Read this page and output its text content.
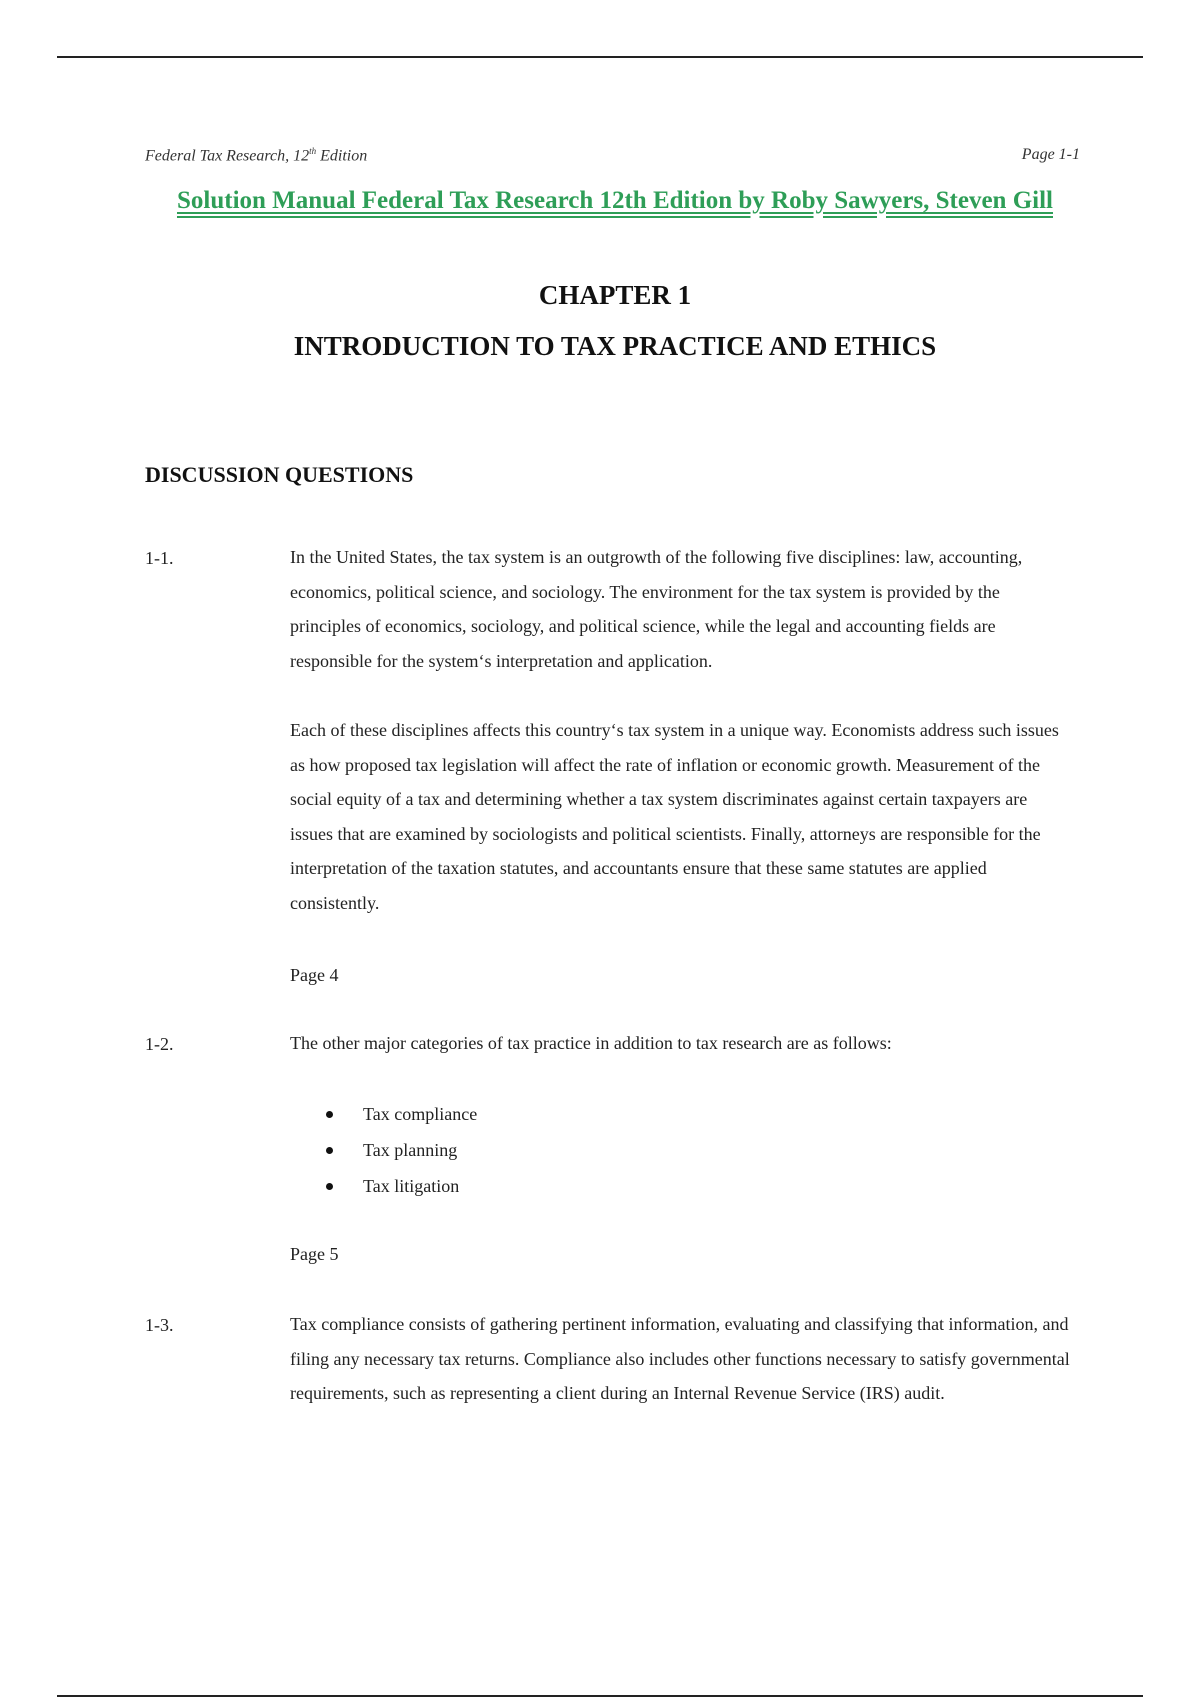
Federal Tax Research, 12th Edition	Page 1-1
Solution Manual Federal Tax Research 12th Edition by Roby Sawyers, Steven Gill
CHAPTER 1
INTRODUCTION TO TAX PRACTICE AND ETHICS
DISCUSSION QUESTIONS
1-1.	In the United States, the tax system is an outgrowth of the following five disciplines: law, accounting, economics, political science, and sociology. The environment for the tax system is provided by the principles of economics, sociology, and political science, while the legal and accounting fields are responsible for the system‘s interpretation and application.

Each of these disciplines affects this country‘s tax system in a unique way. Economists address such issues as how proposed tax legislation will affect the rate of inflation or economic growth. Measurement of the social equity of a tax and determining whether a tax system discriminates against certain taxpayers are issues that are examined by sociologists and political scientists. Finally, attorneys are responsible for the interpretation of the taxation statutes, and accountants ensure that these same statutes are applied consistently.

Page 4
1-2.	The other major categories of tax practice in addition to tax research are as follows:

Tax compliance
Tax planning
Tax litigation
Page 5
1-3.	Tax compliance consists of gathering pertinent information, evaluating and classifying that information, and filing any necessary tax returns. Compliance also includes other functions necessary to satisfy governmental requirements, such as representing a client during an Internal Revenue Service (IRS) audit.
